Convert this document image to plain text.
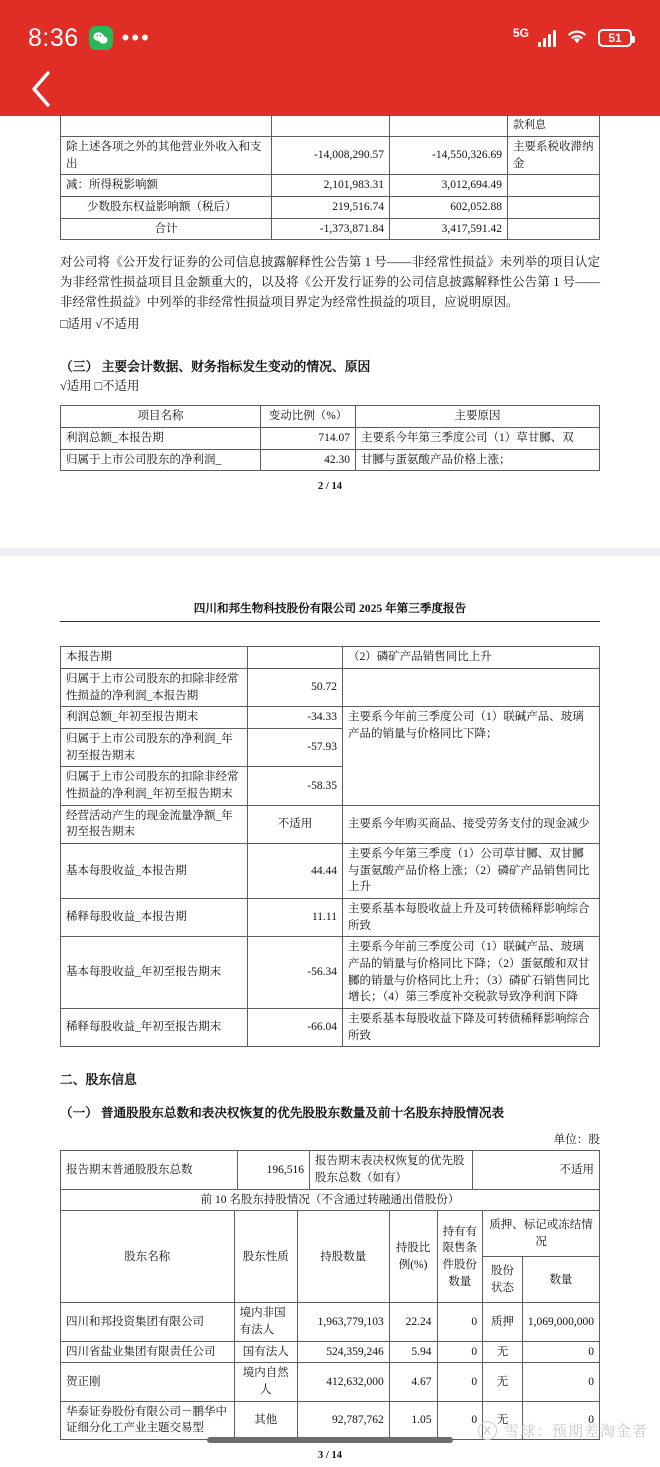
8:36 •••	5G	51
			款利息
除上述各项之外的其他营业外收入和支出	-14,008,290.57	-14,550,326.69	主要系税收滞纳金
减：所得税影响额	2,101,983.31	3,012,694.49	
少数股东权益影响额（税后）	219,516.74	602,052.88	
合计	-1,373,871.84	3,417,591.42	

对公司将《公开发行证券的公司信息披露解释性公告第 1 号——非经常性损益》未列举的项目认定为非经常性损益项目且金额重大的，以及将《公开发行证券的公司信息披露解释性公告第 1 号——非经常性损益》中列举的非经常性损益项目界定为经常性损益的项目，应说明原因。

□适用 √不适用

（三） 主要会计数据、财务指标发生变动的情况、原因

√适用 □不适用

项目名称	变动比例（%）	主要原因
利润总额_本报告期	714.07	主要系今年第三季度公司（1）草甘膷、双
归属于上市公司股东的净利润_	42.30	甘膷与蛋氨酸产品价格上涨；

2 / 14

四川和邦生物科技股份有限公司 2025 年第三季度报告
本报告期		（2）磷矿产品销售同比上升
归属于上市公司股东的扣除非经常性损益的净利润_本报告期	50.72	
利润总额_年初至报告期末	-34.33	主要系今年前三季度公司（1）联碱产品、玻璃产品的销量与价格同比下降；
归属于上市公司股东的净利润_年初至报告期末	-57.93	
归属于上市公司股东的扣除非经常性损益的净利润_年初至报告期末	-58.35	
经营活动产生的现金流量净额_年初至报告期末	不适用	主要系今年购买商品、接受劳务支付的现金减少
基本每股收益_本报告期	44.44	主要系今年第三季度（1）公司草甘膷、双甘膷与蛋氨酸产品价格上涨；（2）磷矿产品销售同比上升
稀释每股收益_本报告期	11.11	主要系基本每股收益上升及可转债稀释影响综合所致
基本每股收益_年初至报告期末	-56.34	主要系今年前三季度公司（1）联碱产品、玻璃产品的销量与价格同比下降；（2）蛋氨酸和双甘膷的销量与价格同比上升；（3）磷矿石销售同比增长；（4）第三季度补交税款导致净利润下降
稀释每股收益_年初至报告期末	-66.04	主要系基本每股收益下降及可转债稀释影响综合所致

二、股东信息

（一） 普通股股东总数和表决权恢复的优先股股东数量及前十名股东持股情况表

单位：股

报告期末普通股股东总数	196,516	报告期末表决权恢复的优先股股东总数（如有）	不适用
前 10 名股东持股情况（不含通过转融通出借股份）
股东名称	股东性质	持股数量	持股比例(%)	持有有限售条件股份数量	质押、标记或冻结情况	
					股份状态	数量
四川和邦投资集团有限公司	境内非国有法人	1,963,779,103	22.24	0	质押	1,069,000,000
四川省盐业集团有限责任公司	国有法人	524,359,246	5.94	0	无	0
贺正刚	境内自然人	412,632,000	4.67	0	无	0
华泰证券股份有限公司－鹏华中证细分化工产业主题交易型	其他	92,787,762	1.05	0	无	0

3 / 14

X 雪球：预期差淘金者
